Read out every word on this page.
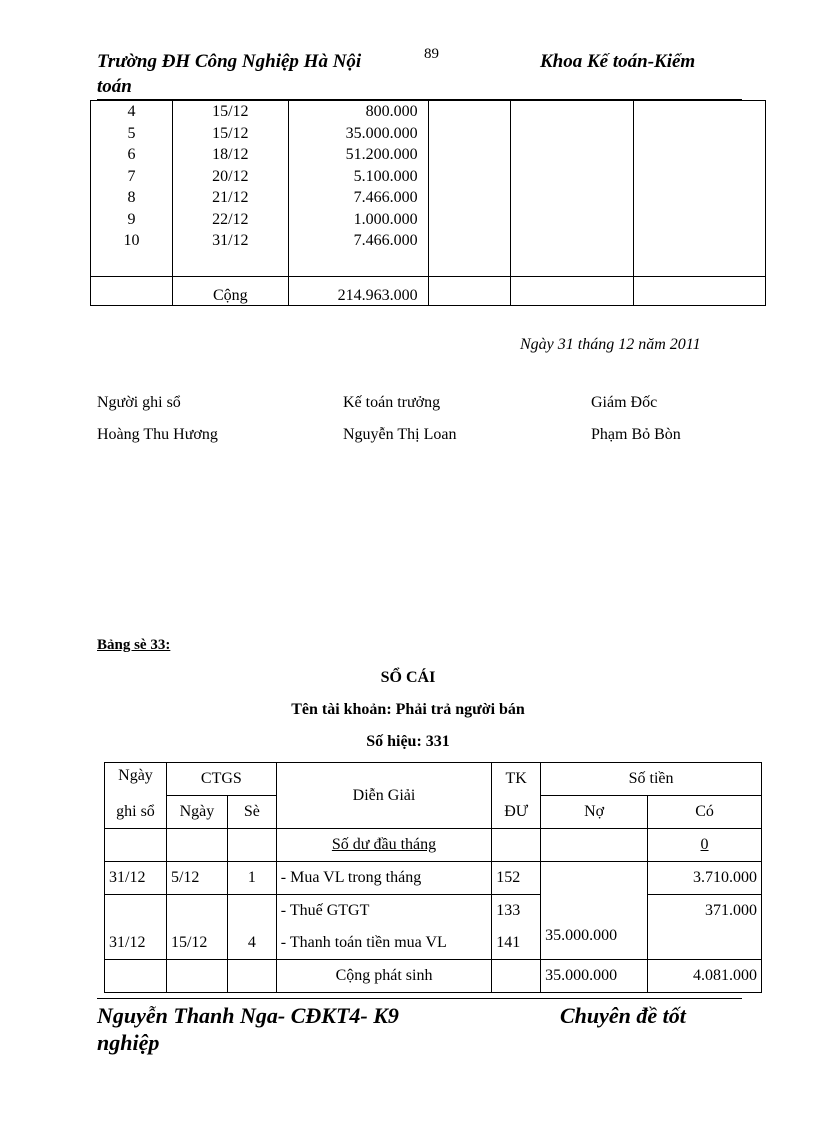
Trường ĐH Công Nghiệp Hà Nội	89	Khoa Kế toán-Kiểm
toán
4	15/12	800.000			
5	15/12	35.000.000			
6	18/12	51.200.000			
7	20/12	5.100.000			
8	21/12	7.466.000			
9	22/12	1.000.000			
10	31/12	7.466.000			

	Cộng	214.963.000			
Ngày 31 tháng 12 năm 2011
Người ghi sổ	Kế toán trưởng	Giám Đốc
Hoàng Thu Hương	Nguyễn Thị Loan	Phạm Bỏ Bòn
Bảng sè 33:
SỔ CÁI
Tên tài khoản: Phải trả người bán
Số hiệu: 331
Ngày	CTGS		Diễn Giải	TK	Số tiền	
ghi sổ	Ngày	Sè		ĐƯ	Nợ	Có
			Số dư đầu tháng			0
31/12	5/12	1	- Mua VL trong tháng	152		3.710.000
			- Thuế GTGT	133		371.000
31/12	15/12	4	- Thanh toán tiền mua VL	141	35.000.000	
			Cộng phát sinh		35.000.000	4.081.000
Nguyễn Thanh Nga- CĐKT4- K9	Chuyên đề tốt
nghiệp
